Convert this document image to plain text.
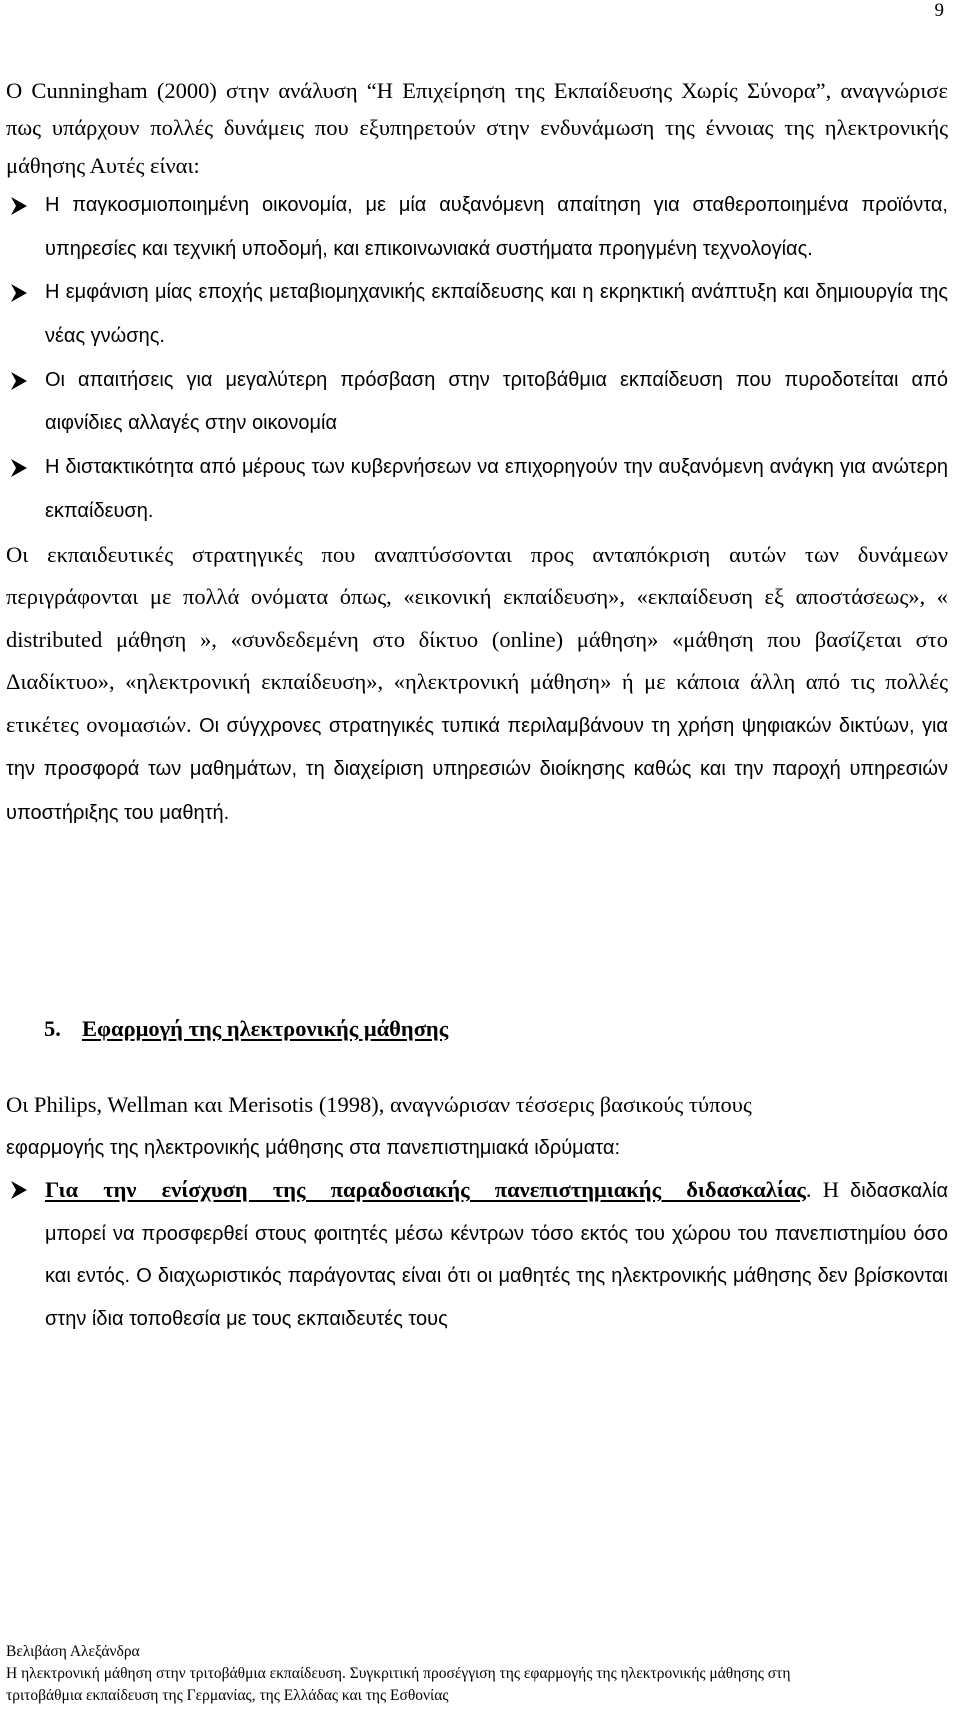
9

Ο Cunningham (2000) στην ανάλυση “Η Επιχείρηση της Εκπαίδευσης Χωρίς Σύνορα”, αναγνώρισε πως υπάρχουν πολλές δυνάμεις που εξυπηρετούν στην ενδυνάμωση της έννοιας της ηλεκτρονικής μάθησης Αυτές είναι:

Η παγκοσμιοποιημένη οικονομία, με μία αυξανόμενη απαίτηση για σταθεροποιημένα προϊόντα, υπηρεσίες και τεχνική υποδομή, και επικοινωνιακά συστήματα προηγμένη τεχνολογίας.
Η εμφάνιση μίας εποχής μεταβιομηχανικής εκπαίδευσης και η εκρηκτική ανάπτυξη και δημιουργία της νέας γνώσης.
Οι απαιτήσεις για μεγαλύτερη πρόσβαση στην τριτοβάθμια εκπαίδευση που πυροδοτείται από αιφνίδιες αλλαγές στην οικονομία
Η διστακτικότητα από μέρους των κυβερνήσεων να επιχορηγούν την αυξανόμενη ανάγκη για ανώτερη εκπαίδευση.

Οι εκπαιδευτικές στρατηγικές που αναπτύσσονται προς ανταπόκριση αυτών των δυνάμεων περιγράφονται με πολλά ονόματα όπως, «εικονική εκπαίδευση», «εκπαίδευση εξ αποστάσεως», « distributed μάθηση », «συνδεδεμένη στο δίκτυο (online) μάθηση» «μάθηση που βασίζεται στο Διαδίκτυο», «ηλεκτρονική εκπαίδευση», «ηλεκτρονική μάθηση» ή με κάποια άλλη από τις πολλές ετικέτες ονομασιών. Οι σύγχρονες στρατηγικές τυπικά περιλαμβάνουν τη χρήση ψηφιακών δικτύων, για την προσφορά των μαθημάτων, τη διαχείριση υπηρεσιών διοίκησης καθώς και την παροχή υπηρεσιών υποστήριξης του μαθητή.

5. Εφαρμογή της ηλεκτρονικής μάθησης

Οι Philips, Wellman και Merisotis (1998), αναγνώρισαν τέσσερις βασικούς τύπους
εφαρμογής της ηλεκτρονικής μάθησης στα πανεπιστημιακά ιδρύματα:

Για την ενίσχυση της παραδοσιακής πανεπιστημιακής διδασκαλίας. Η διδασκαλία μπορεί να προσφερθεί στους φοιτητές μέσω κέντρων τόσο εκτός του χώρου του πανεπιστημίου όσο και εντός. Ο διαχωριστικός παράγοντας είναι ότι οι μαθητές της ηλεκτρονικής μάθησης δεν βρίσκονται στην ίδια τοποθεσία με τους εκπαιδευτές τους
Βελιβάση Αλεξάνδρα
Η ηλεκτρονική μάθηση στην τριτοβάθμια εκπαίδευση. Συγκριτική προσέγγιση της εφαρμογής της ηλεκτρονικής μάθησης στη
τριτοβάθμια εκπαίδευση της Γερμανίας, της Ελλάδας και της Εσθονίας
